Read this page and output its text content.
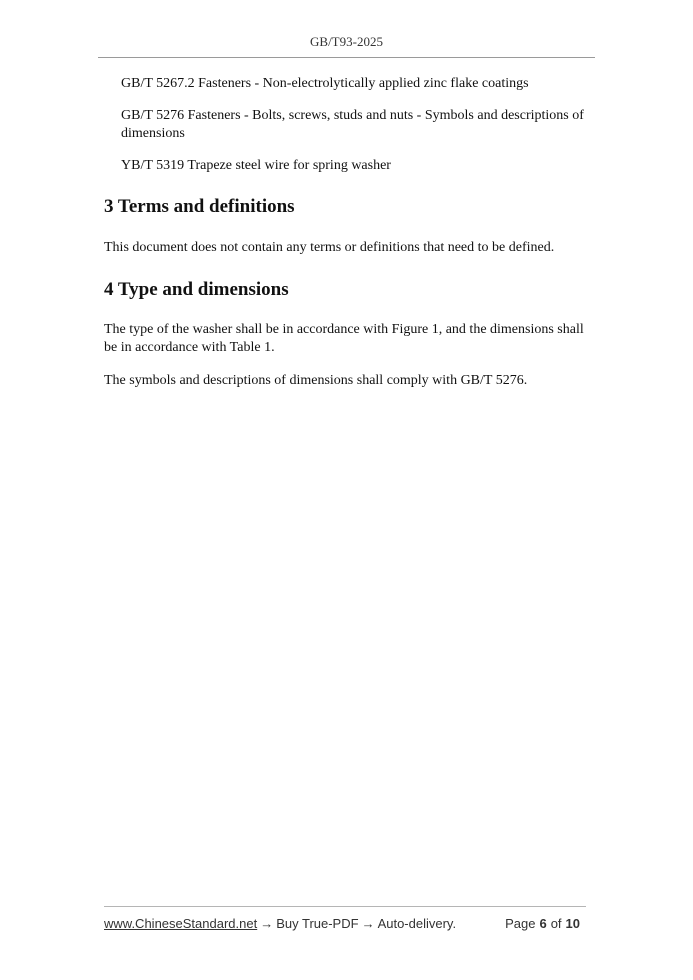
GB/T93-2025
GB/T 5267.2 Fasteners - Non-electrolytically applied zinc flake coatings
GB/T 5276 Fasteners - Bolts, screws, studs and nuts - Symbols and descriptions of dimensions
YB/T 5319 Trapeze steel wire for spring washer
3 Terms and definitions
This document does not contain any terms or definitions that need to be defined.
4 Type and dimensions
The type of the washer shall be in accordance with Figure 1, and the dimensions shall be in accordance with Table 1.
The symbols and descriptions of dimensions shall comply with GB/T 5276.
www.ChineseStandard.net → Buy True-PDF → Auto-delivery.	Page 6 of 10
